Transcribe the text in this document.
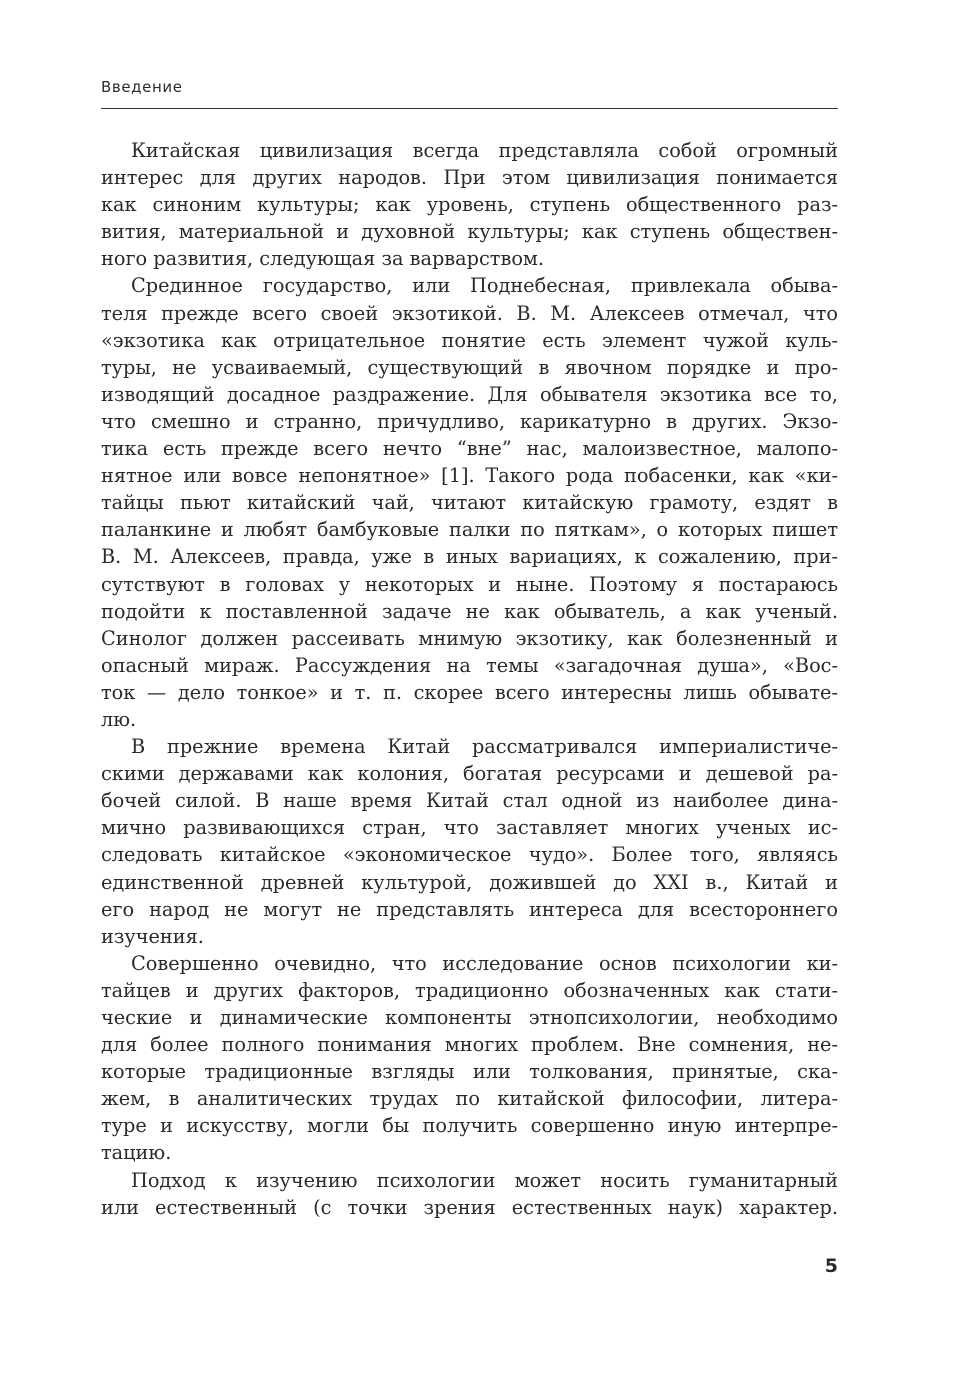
Введение
Китайская цивилизация всегда представляла собой огромный
интерес для других народов. При этом цивилизация понимается
как синоним культуры; как уровень, ступень общественного раз-
вития, материальной и духовной культуры; как ступень обществен-
ного развития, следующая за варварством.
Срединное государство, или Поднебесная, привлекала обыва-
теля прежде всего своей экзотикой. В. М. Алексеев отмечал, что
«экзотика как отрицательное понятие есть элемент чужой куль-
туры, не усваиваемый, существующий в явочном порядке и про-
изводящий досадное раздражение. Для обывателя экзотика все то,
что смешно и странно, причудливо, карикатурно в других. Экзо-
тика есть прежде всего нечто “вне” нас, малоизвестное, малопо-
нятное или вовсе непонятное» [1]. Такого рода побасенки, как «ки-
тайцы пьют китайский чай, читают китайскую грамоту, ездят в
паланкине и любят бамбуковые палки по пяткам», о которых пишет
В. М. Алексеев, правда, уже в иных вариациях, к сожалению, при-
сутствуют в головах у некоторых и ныне. Поэтому я постараюсь
подойти к поставленной задаче не как обыватель, а как ученый.
Синолог должен рассеивать мнимую экзотику, как болезненный и
опасный мираж. Рассуждения на темы «загадочная душа», «Вос-
ток — дело тонкое» и т. п. скорее всего интересны лишь обывате-
лю.
В прежние времена Китай рассматривался империалистиче-
скими державами как колония, богатая ресурсами и дешевой ра-
бочей силой. В наше время Китай стал одной из наиболее дина-
мично развивающихся стран, что заставляет многих ученых ис-
следовать китайское «экономическое чудо». Более того, являясь
единственной древней культурой, дожившей до XXI в., Китай и
его народ не могут не представлять интереса для всестороннего
изучения.
Совершенно очевидно, что исследование основ психологии ки-
тайцев и других факторов, традиционно обозначенных как стати-
ческие и динамические компоненты этнопсихологии, необходимо
для более полного понимания многих проблем. Вне сомнения, не-
которые традиционные взгляды или толкования, принятые, ска-
жем, в аналитических трудах по китайской философии, литера-
туре и искусству, могли бы получить совершенно иную интерпре-
тацию.
Подход к изучению психологии может носить гуманитарный
или естественный (с точки зрения естественных наук) характер.
5
